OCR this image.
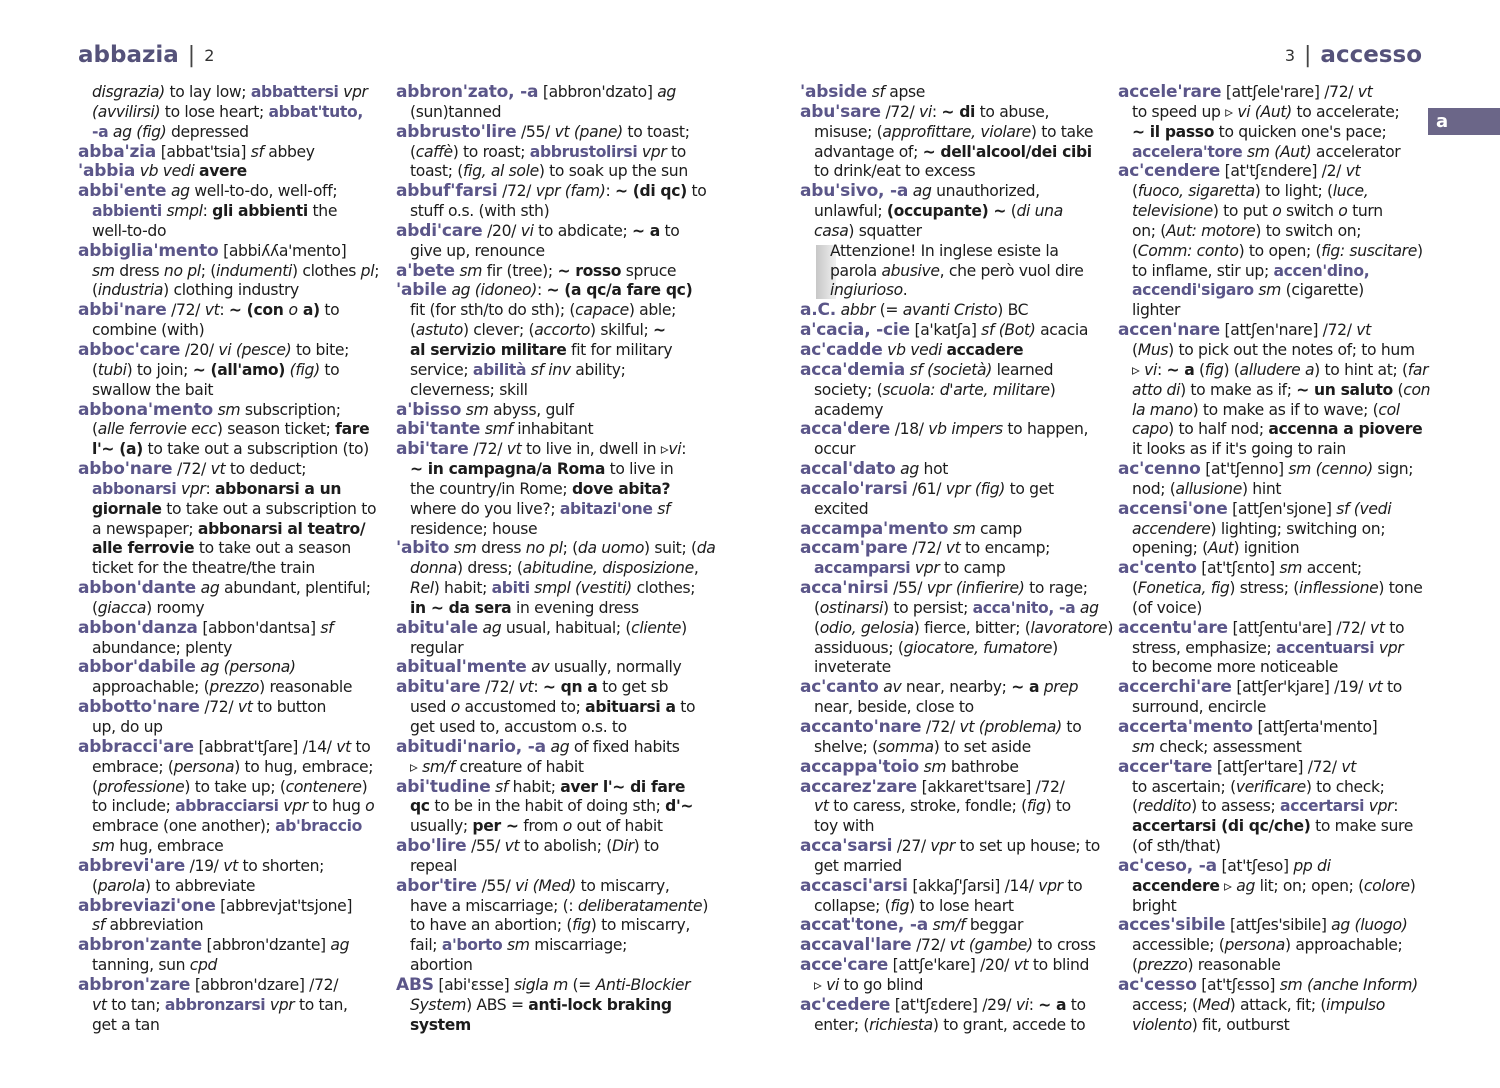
abbazia | 2	3 | accesso
a
disgrazia) to lay low; abbattersi vpr
(avvilirsi) to lose heart; abbat'tuto,
-a ag (fig) depressed
abba'zia [abbat'tsia] sf abbey
'abbia vb vedi avere
abbi'ente ag well-to-do, well-off;
abbienti smpl: gli abbienti the
well-to-do
abbiglia'mento [abbiʎʎa'mento]
sm dress no pl; (indumenti) clothes pl;
(industria) clothing industry
abbi'nare /72/ vt: ~ (con o a) to
combine (with)
abboc'care /20/ vi (pesce) to bite;
(tubi) to join; ~ (all'amo) (fig) to
swallow the bait
abbona'mento sm subscription;
(alle ferrovie ecc) season ticket; fare
l'~ (a) to take out a subscription (to)
abbo'nare /72/ vt to deduct;
abbonarsi vpr: abbonarsi a un
giornale to take out a subscription to
a newspaper; abbonarsi al teatro/
alle ferrovie to take out a season
ticket for the theatre/the train
abbon'dante ag abundant, plentiful;
(giacca) roomy
abbon'danza [abbon'dantsa] sf
abundance; plenty
abbor'dabile ag (persona)
approachable; (prezzo) reasonable
abbotto'nare /72/ vt to button
up, do up
abbracci'are [abbrat'tʃare] /14/ vt to
embrace; (persona) to hug, embrace;
(professione) to take up; (contenere)
to include; abbracciarsi vpr to hug o
embrace (one another); ab'braccio
sm hug, embrace
abbrevi'are /19/ vt to shorten;
(parola) to abbreviate
abbreviazi'one [abbrevjat'tsjone]
sf abbreviation
abbron'zante [abbron'dzante] ag
tanning, sun cpd
abbron'zare [abbron'dzare] /72/
vt to tan; abbronzarsi vpr to tan,
get a tan
abbron'zato, -a [abbron'dzato] ag
(sun)tanned
abbrusto'lire /55/ vt (pane) to toast;
(caffè) to roast; abbrustolirsi vpr to
toast; (fig, al sole) to soak up the sun
abbuf'farsi /72/ vpr (fam): ~ (di qc) to
stuff o.s. (with sth)
abdi'care /20/ vi to abdicate; ~ a to
give up, renounce
a'bete sm fir (tree); ~ rosso spruce
'abile ag (idoneo): ~ (a qc/a fare qc)
fit (for sth/to do sth); (capace) able;
(astuto) clever; (accorto) skilful; ~
al servizio militare fit for military
service; abilità sf inv ability;
cleverness; skill
a'bisso sm abyss, gulf
abi'tante smf inhabitant
abi'tare /72/ vt to live in, dwell in ▹vi:
~ in campagna/a Roma to live in
the country/in Rome; dove abita?
where do you live?; abitazi'one sf
residence; house
'abito sm dress no pl; (da uomo) suit; (da
donna) dress; (abitudine, disposizione,
Rel) habit; abiti smpl (vestiti) clothes;
in ~ da sera in evening dress
abitu'ale ag usual, habitual; (cliente)
regular
abitual'mente av usually, normally
abitu'are /72/ vt: ~ qn a to get sb
used o accustomed to; abituarsi a to
get used to, accustom o.s. to
abitudi'nario, -a ag of fixed habits
▹ sm/f creature of habit
abi'tudine sf habit; aver l'~ di fare
qc to be in the habit of doing sth; d'~
usually; per ~ from o out of habit
abo'lire /55/ vt to abolish; (Dir) to
repeal
abor'tire /55/ vi (Med) to miscarry,
have a miscarriage; (: deliberatamente)
to have an abortion; (fig) to miscarry,
fail; a'borto sm miscarriage;
abortion
ABS [abi'ɛsse] sigla m (= Anti-Blockier
System) ABS = anti-lock braking
system
'abside sf apse
abu'sare /72/ vi: ~ di to abuse,
misuse; (approfittare, violare) to take
advantage of; ~ dell'alcool/dei cibi
to drink/eat to excess
abu'sivo, -a ag unauthorized,
unlawful; (occupante) ~ (di una
casa) squatter
Attenzione! In inglese esiste la
parola abusive, che però vuol dire
ingiurioso.
a.C. abbr (= avanti Cristo) BC
a'cacia, -cie [a'katʃa] sf (Bot) acacia
ac'cadde vb vedi accadere
acca'demia sf (società) learned
society; (scuola: d'arte, militare)
academy
acca'dere /18/ vb impers to happen,
occur
accal'dato ag hot
accalo'rarsi /61/ vpr (fig) to get
excited
accampa'mento sm camp
accam'pare /72/ vt to encamp;
accamparsi vpr to camp
acca'nirsi /55/ vpr (infierire) to rage;
(ostinarsi) to persist; acca'nito, -a ag
(odio, gelosia) fierce, bitter; (lavoratore)
assiduous; (giocatore, fumatore)
inveterate
ac'canto av near, nearby; ~ a prep
near, beside, close to
accanto'nare /72/ vt (problema) to
shelve; (somma) to set aside
accappa'toio sm bathrobe
accarez'zare [akkaret'tsare] /72/
vt to caress, stroke, fondle; (fig) to
toy with
acca'sarsi /27/ vpr to set up house; to
get married
accasci'arsi [akkaʃ'ʃarsi] /14/ vpr to
collapse; (fig) to lose heart
accat'tone, -a sm/f beggar
accaval'lare /72/ vt (gambe) to cross
acce'care [attʃe'kare] /20/ vt to blind
▹ vi to go blind
ac'cedere [at'tʃɛdere] /29/ vi: ~ a to
enter; (richiesta) to grant, accede to
accele'rare [attʃele'rare] /72/ vt
to speed up ▹ vi (Aut) to accelerate;
~ il passo to quicken one's pace;
accelera'tore sm (Aut) accelerator
ac'cendere [at'tʃɛndere] /2/ vt
(fuoco, sigaretta) to light; (luce,
televisione) to put o switch o turn
on; (Aut: motore) to switch on;
(Comm: conto) to open; (fig: suscitare)
to inflame, stir up; accen'dino,
accendi'sigaro sm (cigarette)
lighter
accen'nare [attʃen'nare] /72/ vt
(Mus) to pick out the notes of; to hum
▹ vi: ~ a (fig) (alludere a) to hint at; (far
atto di) to make as if; ~ un saluto (con
la mano) to make as if to wave; (col
capo) to half nod; accenna a piovere
it looks as if it's going to rain
ac'cenno [at'tʃenno] sm (cenno) sign;
nod; (allusione) hint
accensi'one [attʃen'sjone] sf (vedi
accendere) lighting; switching on;
opening; (Aut) ignition
ac'cento [at'tʃɛnto] sm accent;
(Fonetica, fig) stress; (inflessione) tone
(of voice)
accentu'are [attʃentu'are] /72/ vt to
stress, emphasize; accentuarsi vpr
to become more noticeable
accerchi'are [attʃer'kjare] /19/ vt to
surround, encircle
accerta'mento [attʃerta'mento]
sm check; assessment
accer'tare [attʃer'tare] /72/ vt
to ascertain; (verificare) to check;
(reddito) to assess; accertarsi vpr:
accertarsi (di qc/che) to make sure
(of sth/that)
ac'ceso, -a [at'tʃeso] pp di
accendere ▹ ag lit; on; open; (colore)
bright
acces'sibile [attʃes'sibile] ag (luogo)
accessible; (persona) approachable;
(prezzo) reasonable
ac'cesso [at'tʃɛsso] sm (anche Inform)
access; (Med) attack, fit; (impulso
violento) fit, outburst
